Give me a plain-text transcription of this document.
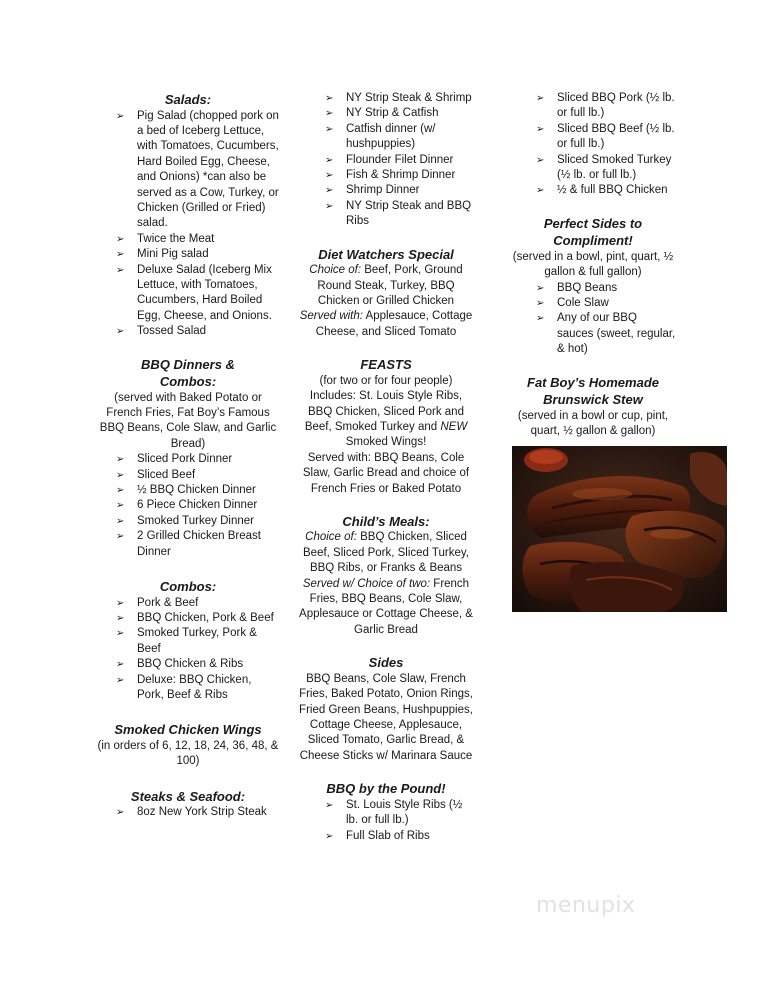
Salads:

➢ Pig Salad (chopped pork on a bed of Iceberg Lettuce, with Tomatoes, Cucumbers, Hard Boiled Egg, Cheese, and Onions) *can also be served as a Cow, Turkey, or Chicken (Grilled or Fried) salad.
➢ Twice the Meat
➢ Mini Pig salad
➢ Deluxe Salad (Iceberg Mix Lettuce, with Tomatoes, Cucumbers, Hard Boiled Egg, Cheese, and Onions.
➢ Tossed Salad

BBQ Dinners & Combos:

(served with Baked Potato or French Fries, Fat Boy’s Famous BBQ Beans, Cole Slaw, and Garlic Bread)

➢ Sliced Pork Dinner
➢ Sliced Beef
➢ ½ BBQ Chicken Dinner
➢ 6 Piece Chicken Dinner
➢ Smoked Turkey Dinner
➢ 2 Grilled Chicken Breast Dinner

Combos:

➢ Pork & Beef
➢ BBQ Chicken, Pork & Beef
➢ Smoked Turkey, Pork & Beef
➢ BBQ Chicken & Ribs
➢ Deluxe: BBQ Chicken, Pork, Beef & Ribs

Smoked Chicken Wings

(in orders of 6, 12, 18, 24, 36, 48, & 100)

Steaks & Seafood:

➢ 8oz New York Strip Steak
➢ NY Strip Steak & Shrimp
➢ NY Strip & Catfish
➢ Catfish dinner (w/ hushpuppies)
➢ Flounder Filet Dinner
➢ Fish & Shrimp Dinner
➢ Shrimp Dinner
➢ NY Strip Steak and BBQ Ribs

Diet Watchers Special

Choice of: Beef, Pork, Ground Round Steak, Turkey, BBQ Chicken or Grilled Chicken

Served with: Applesauce, Cottage Cheese, and Sliced Tomato

FEASTS

(for two or for four people)

Includes: St. Louis Style Ribs, BBQ Chicken, Sliced Pork and Beef, Smoked Turkey and NEW Smoked Wings!

Served with: BBQ Beans, Cole Slaw, Garlic Bread and choice of French Fries or Baked Potato

Child’s Meals:

Choice of: BBQ Chicken, Sliced Beef, Sliced Pork, Sliced Turkey, BBQ Ribs, or Franks & Beans

Served w/ Choice of two: French Fries, BBQ Beans, Cole Slaw, Applesauce or Cottage Cheese, & Garlic Bread

Sides

BBQ Beans, Cole Slaw, French Fries, Baked Potato, Onion Rings, Fried Green Beans, Hushpuppies, Cottage Cheese, Applesauce, Sliced Tomato, Garlic Bread, & Cheese Sticks w/ Marinara Sauce

BBQ by the Pound!

➢ St. Louis Style Ribs (½ lb. or full lb.)
➢ Full Slab of Ribs
➢ Sliced BBQ Pork (½ lb. or full lb.)
➢ Sliced BBQ Beef (½ lb. or full lb.)
➢ Sliced Smoked Turkey (½ lb. or full lb.)
➢ ½ & full BBQ Chicken

Perfect Sides to Compliment!

(served in a bowl, pint, quart, ½ gallon & full gallon)

➢ BBQ Beans
➢ Cole Slaw
➢ Any of our BBQ sauces (sweet, regular, & hot)

Fat Boy’s Homemade Brunswick Stew

(served in a bowl or cup, pint, quart, ½ gallon & gallon)

menupix
